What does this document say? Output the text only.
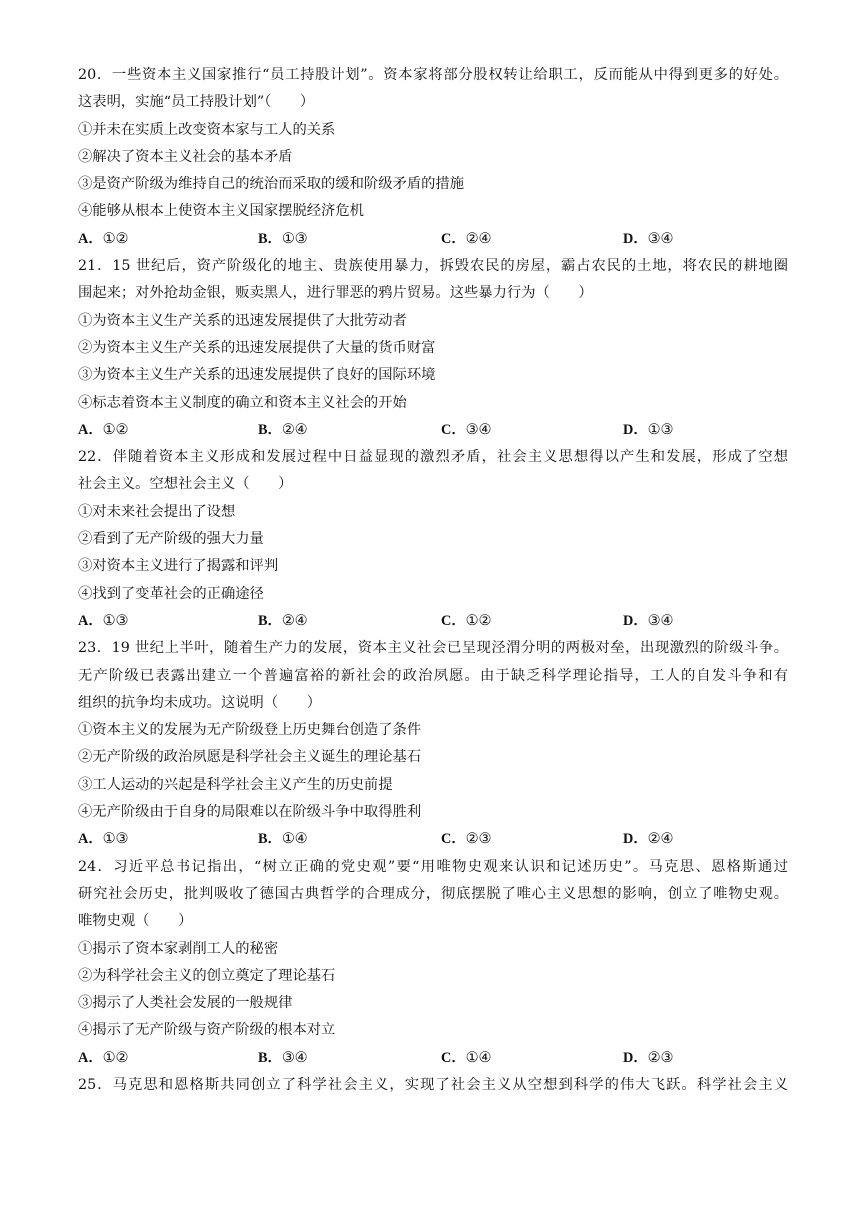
20．一些资本主义国家推行“员工持股计划”。资本家将部分股权转让给职工，反而能从中得到更多的好处。
这表明，实施“员工持股计划”（　　）
①并未在实质上改变资本家与工人的关系
②解决了资本主义社会的基本矛盾
③是资产阶级为维持自己的统治而采取的缓和阶级矛盾的措施
④能够从根本上使资本主义国家摆脱经济危机
A．①②	B．①③	C．②④	D．③④
21．15 世纪后，资产阶级化的地主、贵族使用暴力，拆毁农民的房屋，霸占农民的土地，将农民的耕地圈
围起来；对外抢劫金银，贩卖黑人，进行罪恶的鸦片贸易。这些暴力行为（　　）
①为资本主义生产关系的迅速发展提供了大批劳动者
②为资本主义生产关系的迅速发展提供了大量的货币财富
③为资本主义生产关系的迅速发展提供了良好的国际环境
④标志着资本主义制度的确立和资本主义社会的开始
A．①②	B．②④	C．③④	D．①③
22．伴随着资本主义形成和发展过程中日益显现的激烈矛盾，社会主义思想得以产生和发展，形成了空想
社会主义。空想社会主义（　　）
①对未来社会提出了设想
②看到了无产阶级的强大力量
③对资本主义进行了揭露和评判
④找到了变革社会的正确途径
A．①③	B．②④	C．①②	D．③④
23．19 世纪上半叶，随着生产力的发展，资本主义社会已呈现泾渭分明的两极对垒，出现激烈的阶级斗争。
无产阶级已表露出建立一个普遍富裕的新社会的政治夙愿。由于缺乏科学理论指导，工人的自发斗争和有
组织的抗争均未成功。这说明（　　）
①资本主义的发展为无产阶级登上历史舞台创造了条件
②无产阶级的政治夙愿是科学社会主义诞生的理论基石
③工人运动的兴起是科学社会主义产生的历史前提
④无产阶级由于自身的局限难以在阶级斗争中取得胜利
A．①③	B．①④	C．②③	D．②④
24．习近平总书记指出，“树立正确的党史观”要“用唯物史观来认识和记述历史”。马克思、恩格斯通过
研究社会历史，批判吸收了德国古典哲学的合理成分，彻底摆脱了唯心主义思想的影响，创立了唯物史观。
唯物史观（　　）
①揭示了资本家剥削工人的秘密
②为科学社会主义的创立奠定了理论基石
③揭示了人类社会发展的一般规律
④揭示了无产阶级与资产阶级的根本对立
A．①②	B．③④	C．①④	D．②③
25．马克思和恩格斯共同创立了科学社会主义，实现了社会主义从空想到科学的伟大飞跃。科学社会主义
